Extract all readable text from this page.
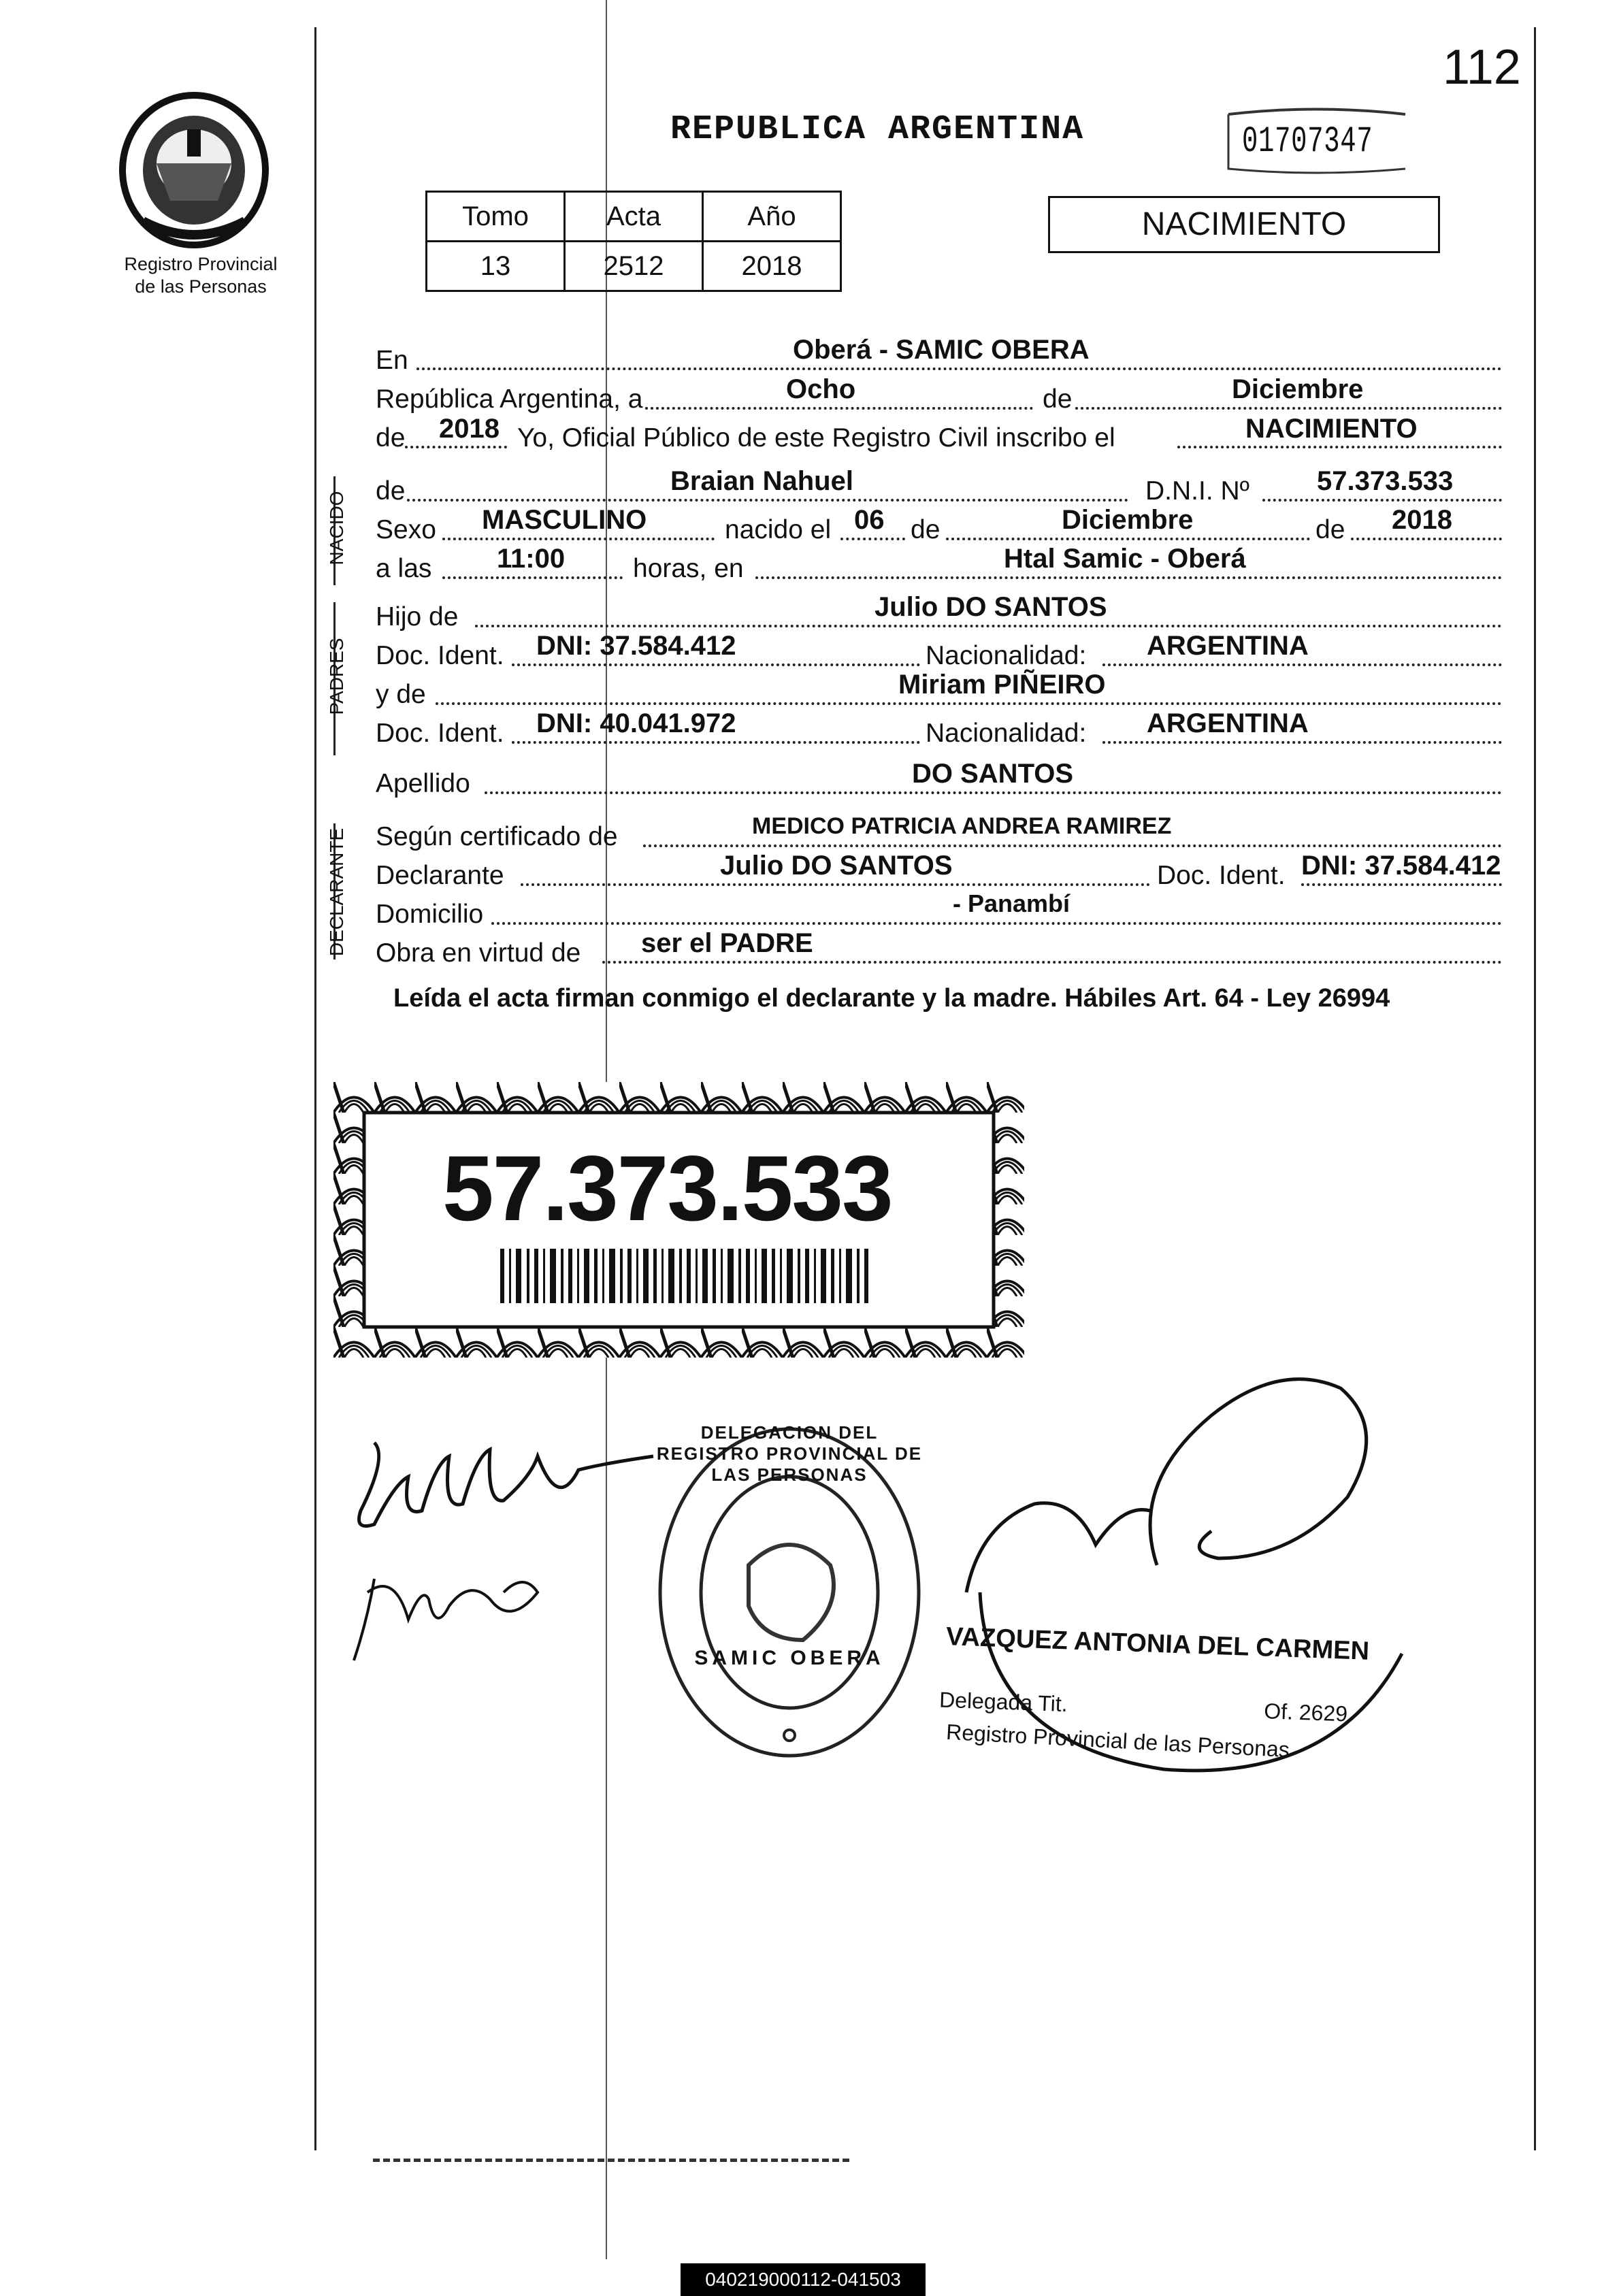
Registro Provincial
de las Personas
112
REPUBLICA ARGENTINA	01707347
Tomo	Acta	Año
13	2512	2018
NACIMIENTO
En	Oberá - SAMIC OBERA
República Argentina, a	Ocho	de	Diciembre
de 2018 Yo, Oficial Público de este Registro Civil inscribo el	NACIMIENTO
NACIDO
de	Braian Nahuel	D.N.I. Nº 57.373.533
Sexo MASCULINO	nacido el 06 de	Diciembre	de 2018
a las 11:00	horas, en	Htal Samic - Oberá
PADRES
Hijo de	Julio DO SANTOS
Doc. Ident. DNI: 37.584.412	Nacionalidad: ARGENTINA
y de	Miriam PIÑEIRO
Doc. Ident. DNI: 40.041.972	Nacionalidad: ARGENTINA
Apellido	DO SANTOS
DECLARANTE Según certificado de	MEDICO PATRICIA ANDREA RAMIREZ
Declarante	Julio DO SANTOS	Doc. Ident. DNI: 37.584.412
Domicilio	- Panambí
Obra en virtud de ser el PADRE
Leída el acta firman conmigo el declarante y la madre. Hábiles Art. 64 - Ley 26994
57.373.533
SAMIC OBERA
DELEGACION DEL REGISTRO PROVINCIAL DE LAS PERSONAS
VAZQUEZ ANTONIA DEL CARMEN
Delegada Tit.	Of. 2629
Registro Provincial de las Personas
040219000112-041503
